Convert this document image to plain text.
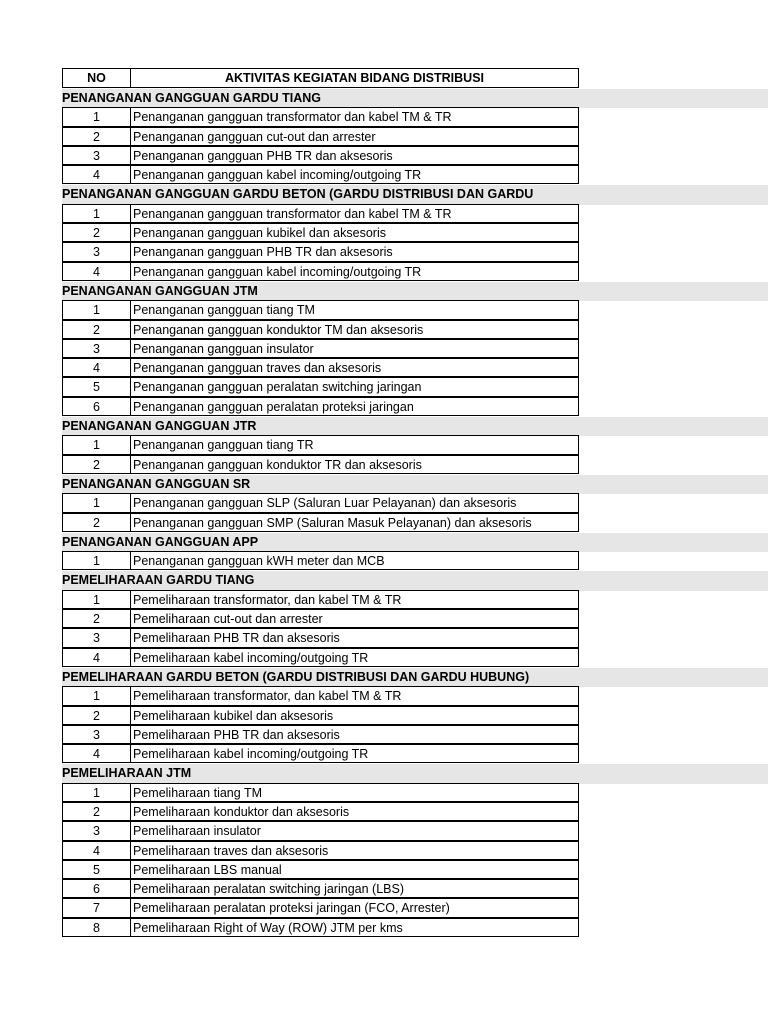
NO	AKTIVITAS KEGIATAN BIDANG DISTRIBUSI
PENANGANAN GANGGUAN GARDU TIANG
1	Penanganan gangguan transformator dan kabel TM & TR
2	Penanganan gangguan cut-out dan arrester
3	Penanganan gangguan PHB TR dan aksesoris
4	Penanganan gangguan kabel incoming/outgoing TR
PENANGANAN GANGGUAN GARDU BETON (GARDU DISTRIBUSI DAN GARDU
1	Penanganan gangguan transformator dan kabel TM & TR
2	Penanganan gangguan kubikel dan aksesoris
3	Penanganan gangguan PHB TR dan aksesoris
4	Penanganan gangguan kabel incoming/outgoing TR
PENANGANAN GANGGUAN JTM
1	Penanganan gangguan tiang TM
2	Penanganan gangguan konduktor TM dan aksesoris
3	Penanganan gangguan insulator
4	Penanganan gangguan traves dan aksesoris
5	Penanganan gangguan peralatan switching jaringan
6	Penanganan gangguan peralatan proteksi jaringan
PENANGANAN GANGGUAN JTR
1	Penanganan gangguan tiang TR
2	Penanganan gangguan konduktor TR dan aksesoris
PENANGANAN GANGGUAN SR
1	Penanganan gangguan SLP (Saluran Luar Pelayanan) dan aksesoris
2	Penanganan gangguan SMP (Saluran Masuk Pelayanan) dan aksesoris
PENANGANAN GANGGUAN APP
1	Penanganan gangguan kWH meter dan MCB
PEMELIHARAAN GARDU TIANG
1	Pemeliharaan transformator, dan kabel TM & TR
2	Pemeliharaan cut-out dan arrester
3	Pemeliharaan PHB TR dan aksesoris
4	Pemeliharaan kabel incoming/outgoing TR
PEMELIHARAAN GARDU BETON (GARDU DISTRIBUSI DAN GARDU HUBUNG)
1	Pemeliharaan transformator, dan kabel TM & TR
2	Pemeliharaan kubikel dan aksesoris
3	Pemeliharaan PHB TR dan aksesoris
4	Pemeliharaan kabel incoming/outgoing TR
PEMELIHARAAN JTM
1	Pemeliharaan tiang TM
2	Pemeliharaan konduktor dan aksesoris
3	Pemeliharaan insulator
4	Pemeliharaan traves dan aksesoris
5	Pemeliharaan LBS manual
6	Pemeliharaan peralatan switching jaringan (LBS)
7	Pemeliharaan peralatan proteksi jaringan (FCO, Arrester)
8	Pemeliharaan Right of Way (ROW) JTM per kms
